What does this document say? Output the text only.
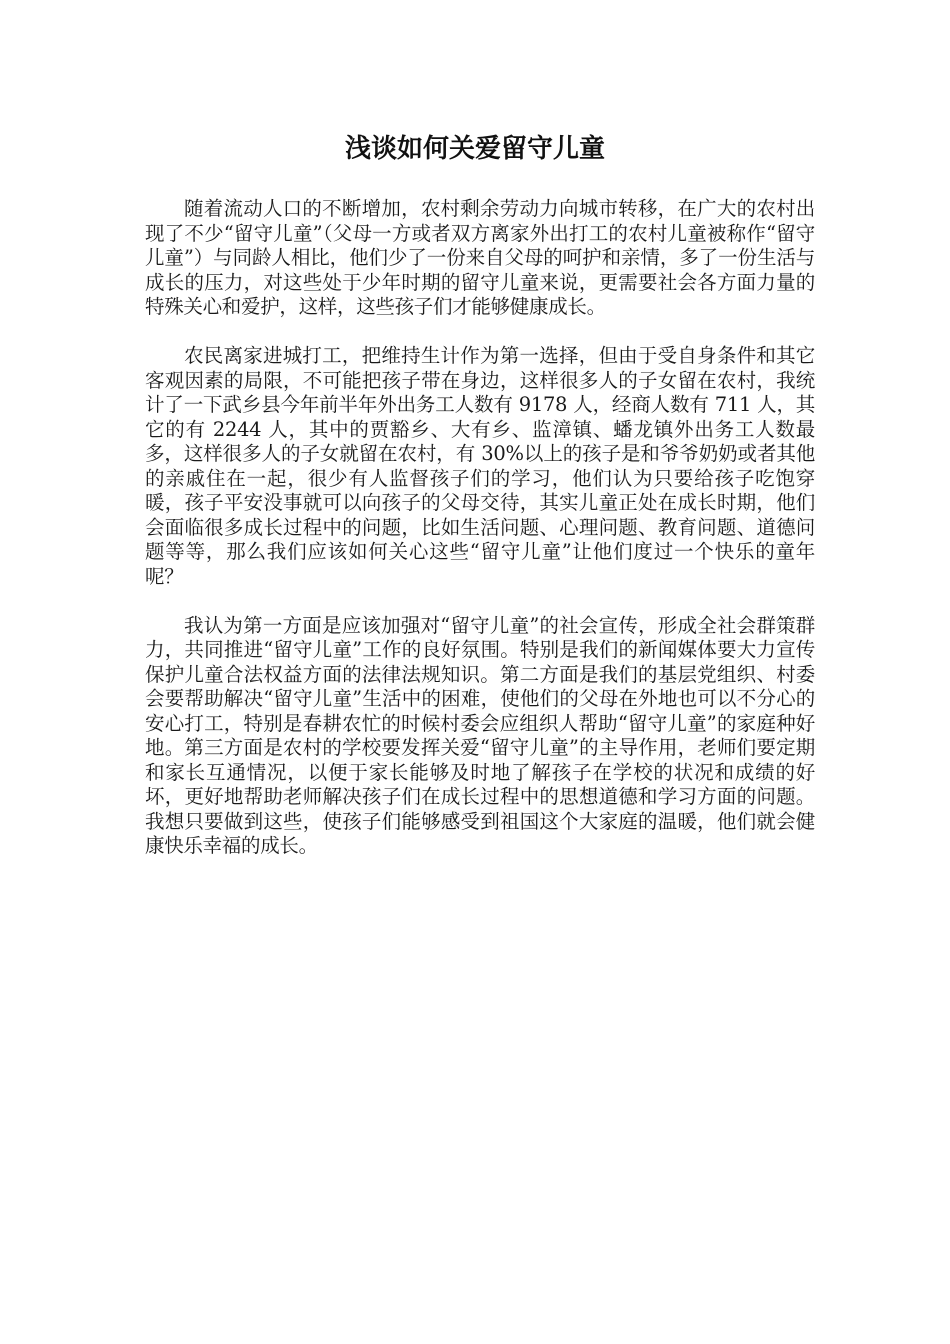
浅谈如何关爱留守儿童

随着流动人口的不断增加，农村剩余劳动力向城市转移，在广大的农村出现了不少“留守儿童”（父母一方或者双方离家外出打工的农村儿童被称作“留守儿童”）与同龄人相比，他们少了一份来自父母的呵护和亲情，多了一份生活与成长的压力，对这些处于少年时期的留守儿童来说，更需要社会各方面力量的特殊关心和爱护，这样，这些孩子们才能够健康成长。

农民离家进城打工，把维持生计作为第一选择，但由于受自身条件和其它客观因素的局限，不可能把孩子带在身边，这样很多人的子女留在农村，我统计了一下武乡县今年前半年外出务工人数有 9178 人，经商人数有 711 人，其它的有 2244 人，其中的贾豁乡、大有乡、监漳镇、蟠龙镇外出务工人数最多，这样很多人的子女就留在农村，有 30%以上的孩子是和爷爷奶奶或者其他的亲戚住在一起，很少有人监督孩子们的学习，他们认为只要给孩子吃饱穿暖，孩子平安没事就可以向孩子的父母交待，其实儿童正处在成长时期，他们会面临很多成长过程中的问题，比如生活问题、心理问题、教育问题、道德问题等等，那么我们应该如何关心这些“留守儿童”让他们度过一个快乐的童年呢？

我认为第一方面是应该加强对“留守儿童”的社会宣传，形成全社会群策群力，共同推进“留守儿童”工作的良好氛围。特别是我们的新闻媒体要大力宣传保护儿童合法权益方面的法律法规知识。第二方面是我们的基层党组织、村委会要帮助解决“留守儿童”生活中的困难，使他们的父母在外地也可以不分心的安心打工，特别是春耕农忙的时候村委会应组织人帮助“留守儿童”的家庭种好地。第三方面是农村的学校要发挥关爱“留守儿童”的主导作用，老师们要定期和家长互通情况，以便于家长能够及时地了解孩子在学校的状况和成绩的好坏，更好地帮助老师解决孩子们在成长过程中的思想道德和学习方面的问题。我想只要做到这些，使孩子们能够感受到祖国这个大家庭的温暖，他们就会健康快乐幸福的成长。
